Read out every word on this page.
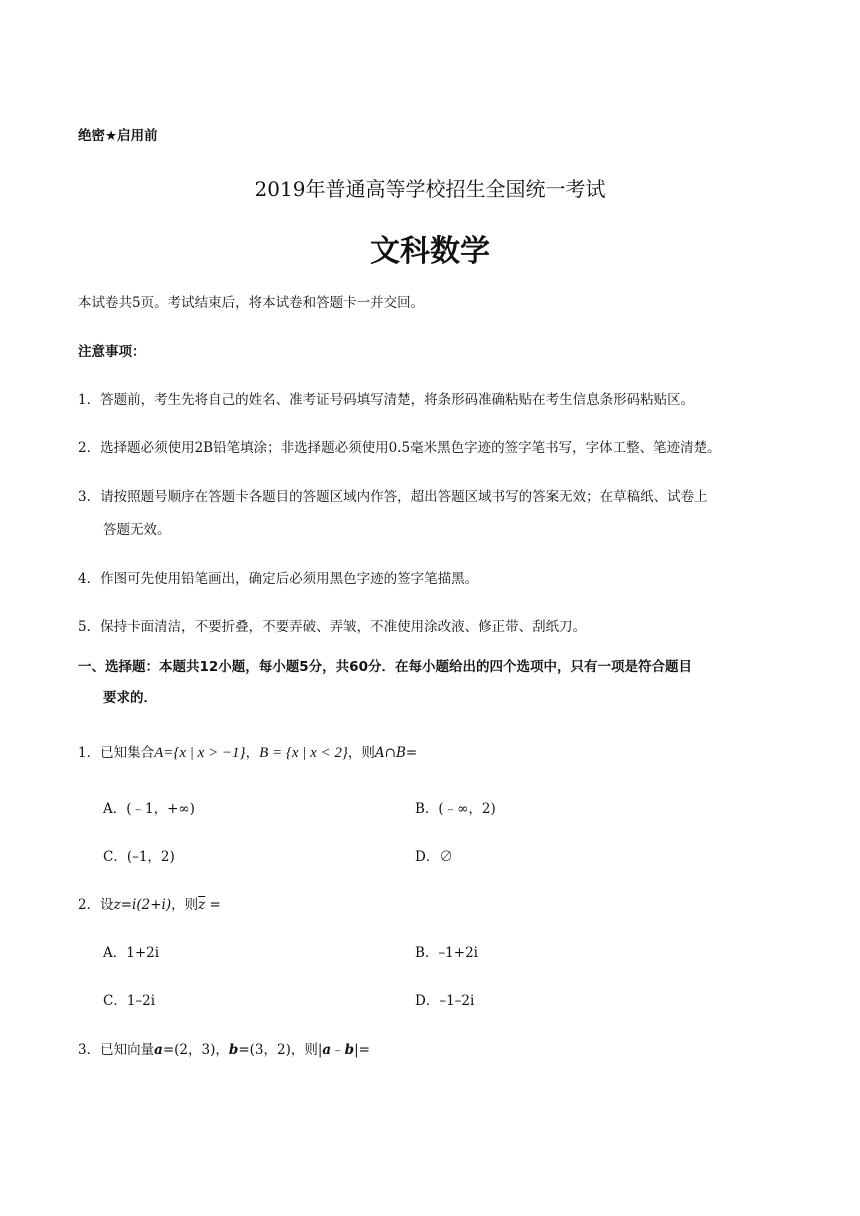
绝密★启用前
2019年普通高等学校招生全国统一考试
文科数学
本试卷共5页。考试结束后，将本试卷和答题卡一并交回。
注意事项：
1．答题前，考生先将自己的姓名、准考证号码填写清楚，将条形码准确粘贴在考生信息条形码粘贴区。
2．选择题必须使用2B铅笔填涂；非选择题必须使用0.5毫米黑色字迹的签字笔书写，字体工整、笔迹清楚。
3．请按照题号顺序在答题卡各题目的答题区域内作答，超出答题区域书写的答案无效；在草稿纸、试卷上
答题无效。
4．作图可先使用铅笔画出，确定后必须用黑色字迹的签字笔描黑。
5．保持卡面清洁，不要折叠，不要弄破、弄皱，不准使用涂改液、修正带、刮纸刀。
一、选择题：本题共12小题，每小题5分，共60分．在每小题给出的四个选项中，只有一项是符合题目
要求的．
1．已知集合A={x | x > −1}，B = {x | x < 2}，则A∩B=
A．(﹣1，+∞)	B．(﹣∞，2)
C．(–1，2)	D．∅
2．设z=i(2+i)，则$\overline{z}$ =
A．1+2i	B．–1+2i
C．1–2i	D．–1–2i
3．已知向量a=(2，3)，b=(3，2)，则|a﹣b|=
